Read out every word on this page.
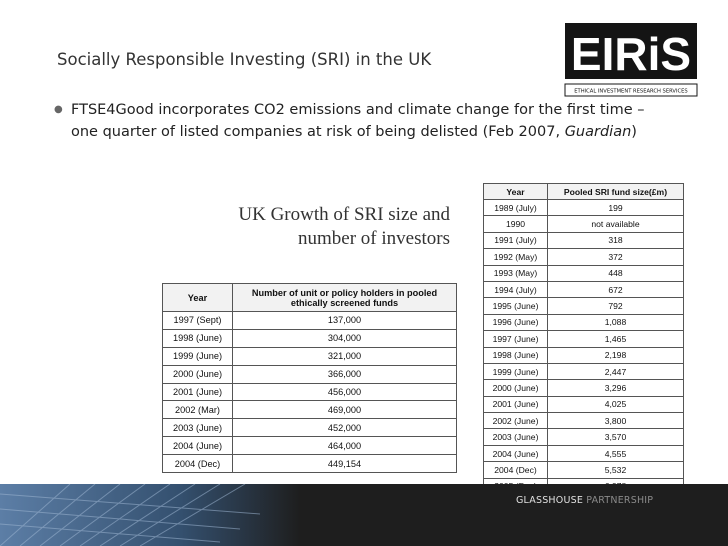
Socially Responsible Investing (SRI) in the UK	EIRiS
ETHICAL INVESTMENT RESEARCH SERVICES
● FTSE4Good incorporates CO2 emissions and climate change for the first time – one quarter of listed companies at risk of being delisted (Feb 2007, Guardian)
UK Growth of SRI size and
number of investors
Year	Number of unit or policy holders in pooled ethically screened funds
1997 (Sept)	137,000
1998 (June)	304,000
1999 (June)	321,000
2000 (June)	366,000
2001 (June)	456,000
2002 (Mar)	469,000
2003 (June)	452,000
2004 (June)	464,000
2004 (Dec)	449,154
Year	Pooled SRI fund size(£m)
1989 (July)	199
1990	not available
1991 (July)	318
1992 (May)	372
1993 (May)	448
1994 (July)	672
1995 (June)	792
1996 (June)	1,088
1997 (June)	1,465
1998 (June)	2,198
1999 (June)	2,447
2000 (June)	3,296
2001 (June)	4,025
2002 (June)	3,800
2003 (June)	3,570
2004 (June)	4,555
2004 (Dec)	5,532

GLASSHOUSE PARTNERSHIP
